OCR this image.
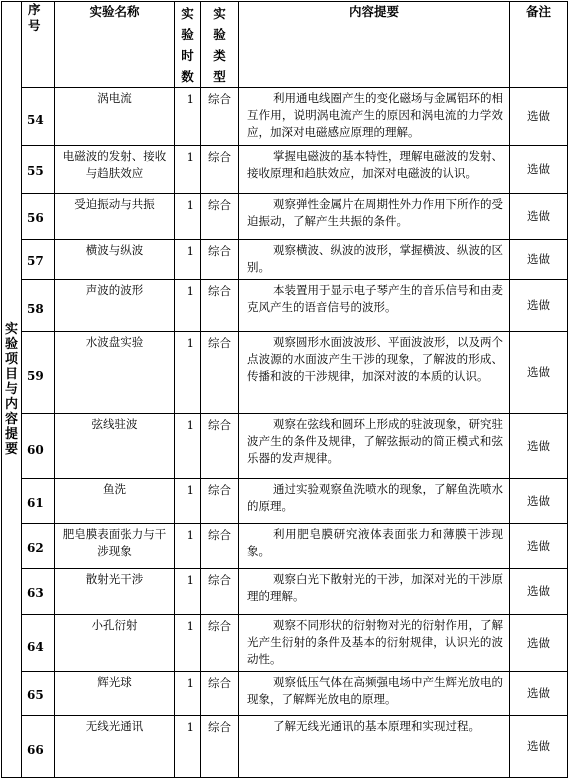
实验项目与内容提要	序号	实验名称	实验时数	实验类型	内容提要	备注

	54	涡电流	1	综合	利用通电线圈产生的变化磁场与金属铝环的相互作用，说明涡电流产生的原因和涡电流的力学效应，加深对电磁感应原理的理解。	选做

	55	电磁波的发射、接收与趋肤效应	1	综合	掌握电磁波的基本特性，理解电磁波的发射、接收原理和趋肤效应，加深对电磁波的认识。	选做

	56	受迫振动与共振	1	综合	观察弹性金属片在周期性外力作用下所作的受迫振动，了解产生共振的条件。	选做

	57	横波与纵波	1	综合	观察横波、纵波的波形，掌握横波、纵波的区别。	选做

	58	声波的波形	1	综合	本装置用于显示电子琴产生的音乐信号和由麦克风产生的语音信号的波形。	选做

	59	水波盘实验	1	综合	观察圆形水面波波形、平面波波形，以及两个点波源的水面波产生干涉的现象，了解波的形成、传播和波的干涉规律，加深对波的本质的认识。	选做

	60	弦线驻波	1	综合	观察在弦线和圆环上形成的驻波现象，研究驻波产生的条件及规律，了解弦振动的简正模式和弦乐器的发声规律。	选做

	61	鱼洗	1	综合	通过实验观察鱼洗喷水的现象，了解鱼洗喷水的原理。	选做

	62	肥皂膜表面张力与干涉现象	1	综合	利用肥皂膜研究液体表面张力和薄膜干涉现象。	选做

	63	散射光干涉	1	综合	观察白光下散射光的干涉，加深对光的干涉原理的理解。	选做

	64	小孔衍射	1	综合	观察不同形状的衍射物对光的衍射作用，了解光产生衍射的条件及基本的衍射规律，认识光的波动性。	选做

	65	辉光球	1	综合	观察低压气体在高频强电场中产生辉光放电的现象，了解辉光放电的原理。	选做

	66	无线光通讯	1	综合	了解无线光通讯的基本原理和实现过程。	选做
